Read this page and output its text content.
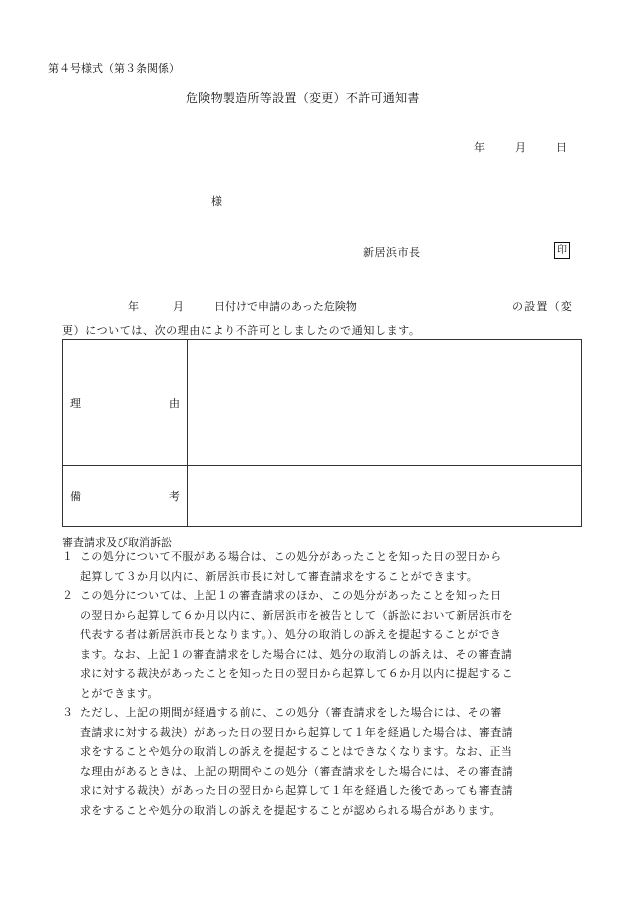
第４号様式（第３条関係）
危険物製造所等設置（変更）不許可通知書
年	月	日
様
新居浜市長	印
年	月	日付けで申請のあった危険物	の設置（変
更）については、次の理由により不許可としましたので通知します。
理 由	

備 考	

審査請求及び取消訴訟
１ この処分について不服がある場合は、この処分があったことを知った日の翌日から
起算して３か月以内に、新居浜市長に対して審査請求をすることができます。
２ この処分については、上記１の審査請求のほか、この処分があったことを知った日
の翌日から起算して６か月以内に、新居浜市を被告として（訴訟において新居浜市を
代表する者は新居浜市長となります。）、処分の取消しの訴えを提起することができ
ます。なお、上記１の審査請求をした場合には、処分の取消しの訴えは、その審査請
求に対する裁決があったことを知った日の翌日から起算して６か月以内に提起するこ
とができます。
３ ただし、上記の期間が経過する前に、この処分（審査請求をした場合には、その審
査請求に対する裁決）があった日の翌日から起算して１年を経過した場合は、審査請
求をすることや処分の取消しの訴えを提起することはできなくなります。なお、正当
な理由があるときは、上記の期間やこの処分（審査請求をした場合には、その審査請
求に対する裁決）があった日の翌日から起算して１年を経過した後であっても審査請
求をすることや処分の取消しの訴えを提起することが認められる場合があります。
